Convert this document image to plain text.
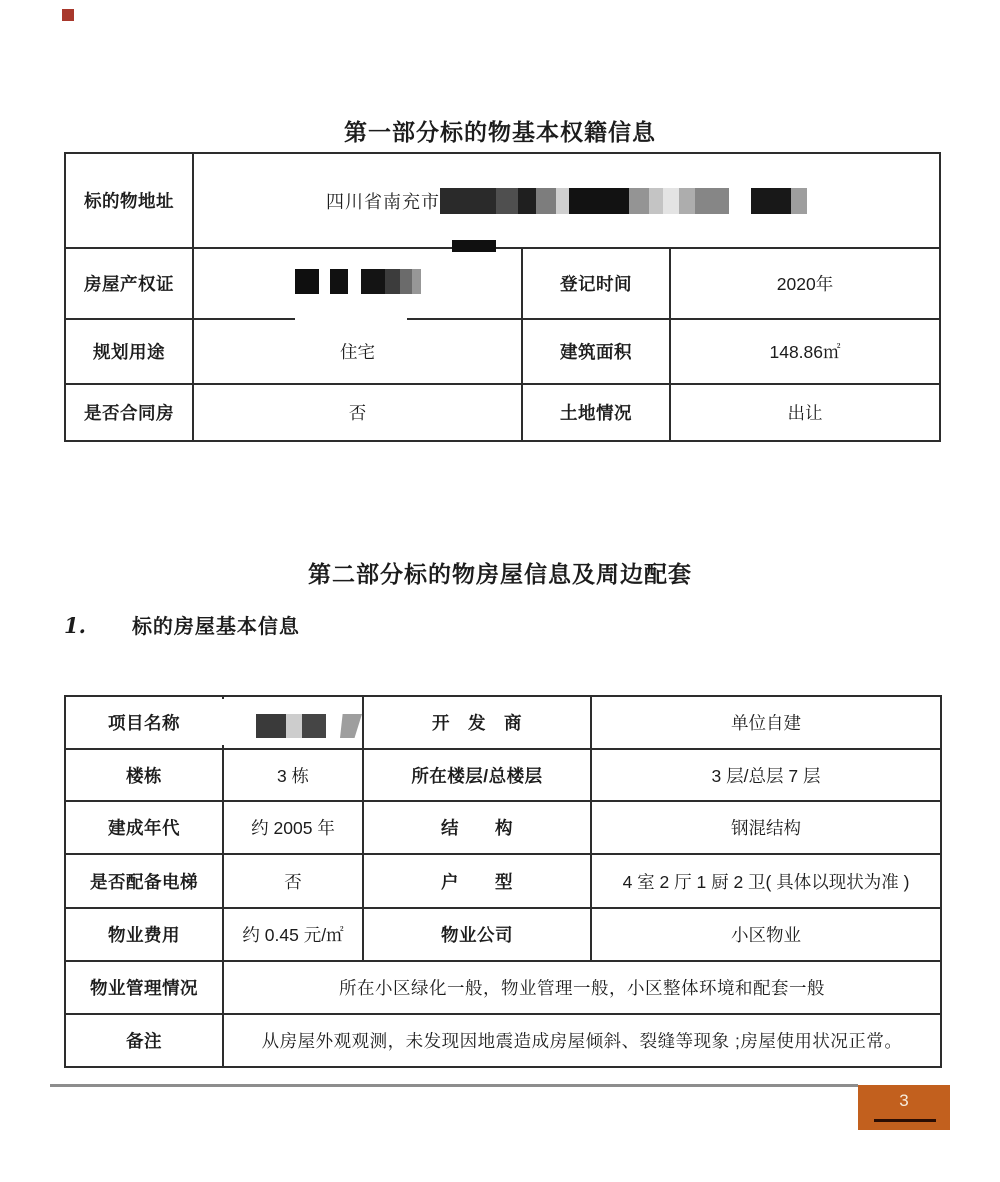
第一部分标的物基本权籍信息
标的物地址	四川省南充市		

房屋产权证		登记时间	2020年
规划用途	住宅	建筑面积	148.86㎡
是否合同房	否	土地情况	出让
第二部分标的物房屋信息及周边配套
1. 标的房屋基本信息
项目名称		开　发　商	单位自建
楼栋	3 栋	所在楼层/总楼层	3 层/总层 7 层
建成年代	约 2005 年	结　　构	钢混结构
是否配备电梯	否	户　　型	4 室 2 厅 1 厨 2 卫( 具体以现状为准 )
物业费用	约 0.45 元/㎡	物业公司	小区物业
物业管理情况	所在小区绿化一般，物业管理一般，小区整体环境和配套一般		
备注	从房屋外观观测，未发现因地震造成房屋倾斜、裂缝等现象 ;房屋使用状况正常。		
3
